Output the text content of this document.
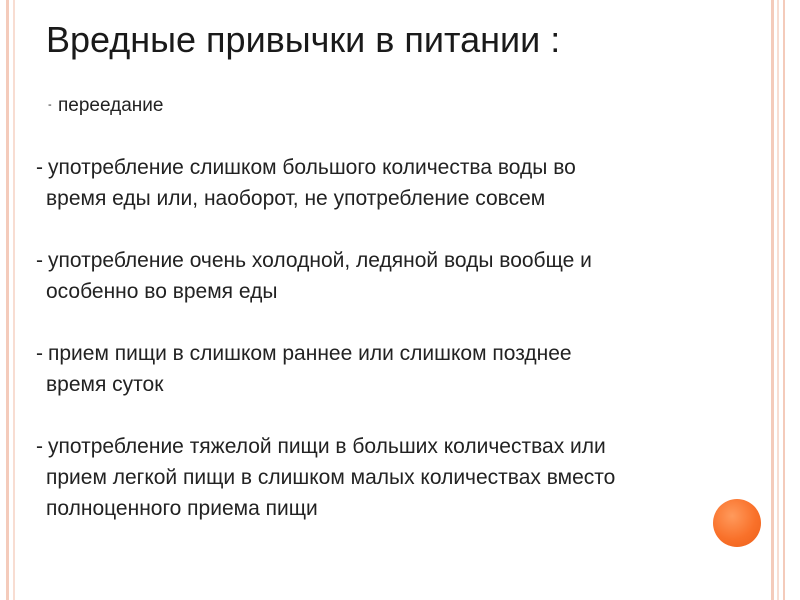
Вредные привычки в питании :
- переедание
- употребление слишком большого количества воды во
время еды или, наоборот, не употребление совсем
- употребление очень холодной, ледяной воды вообще и
особенно во время еды
- прием пищи в слишком раннее или слишком позднее
время суток
- употребление тяжелой пищи в больших количествах или
прием легкой пищи в слишком малых количествах вместо
полноценного приема пищи
